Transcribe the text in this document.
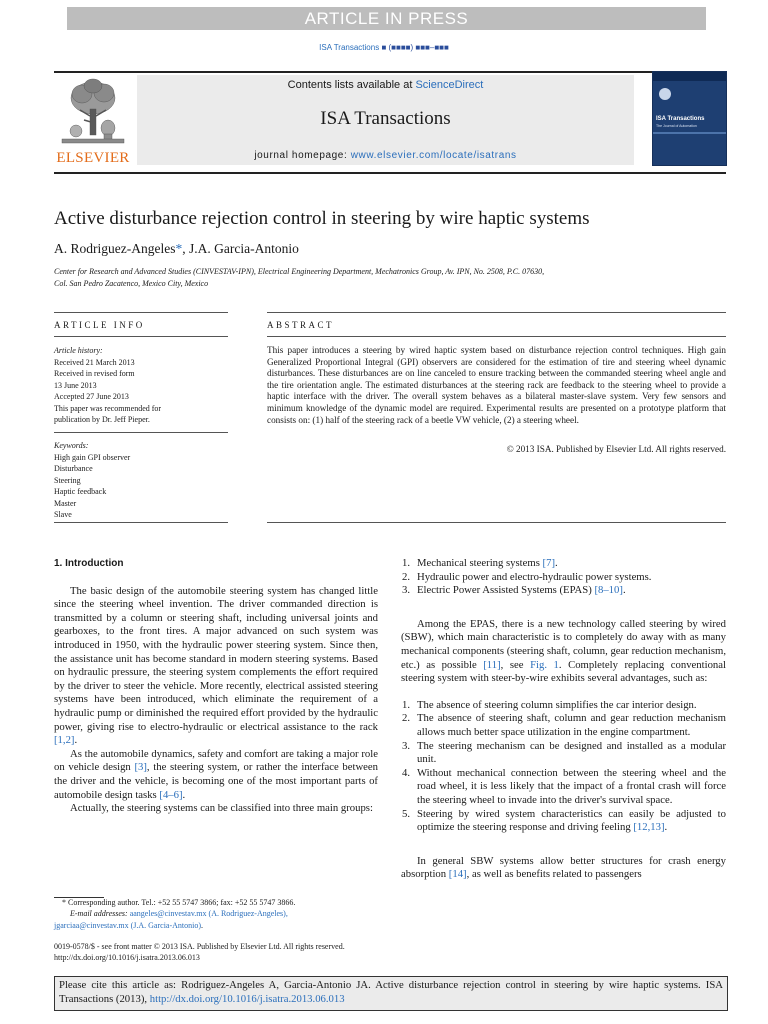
ARTICLE IN PRESS
ISA Transactions ■ (■■■■) ■■■–■■■
ELSEVIER
Contents lists available at ScienceDirect
ISA Transactions
journal homepage: www.elsevier.com/locate/isatrans
ISA Transactions
The Journal of Automation
Active disturbance rejection control in steering by wire haptic systems
A. Rodriguez-Angeles*, J.A. Garcia-Antonio
Center for Research and Advanced Studies (CINVESTAV-IPN), Electrical Engineering Department, Mechatronics Group, Av. IPN, No. 2508, P.C. 07630,
Col. San Pedro Zacatenco, Mexico City, Mexico
ARTICLE INFO	ABSTRACT
Article history:
Received 21 March 2013
Received in revised form
13 June 2013
Accepted 27 June 2013
This paper was recommended for
publication by Dr. Jeff Pieper.
Keywords:
High gain GPI observer
Disturbance
Steering
Haptic feedback
Master
Slave
This paper introduces a steering by wired haptic system based on disturbance rejection control techniques. High gain Generalized Proportional Integral (GPI) observers are considered for the estimation of tire and steering wheel dynamic disturbances. These disturbances are on line canceled to ensure tracking between the commanded steering wheel angle and the tire orientation angle. The estimated disturbances at the steering rack are feedback to the steering wheel to provide a haptic interface with the driver. The overall system behaves as a bilateral master-slave system. Very few sensors and minimum knowledge of the dynamic model are required. Experimental results are presented on a prototype platform that consists on: (1) half of the steering rack of a beetle VW vehicle, (2) a steering wheel.
© 2013 ISA. Published by Elsevier Ltd. All rights reserved.
1. Introduction

The basic design of the automobile steering system has changed little since the steering wheel invention. The driver commanded direction is transmitted by a column or steering shaft, including universal joints and gearboxes, to the front tires. A major advanced on such system was introduced in 1950, with the hydraulic power steering system. Since then, the assistance unit has become standard in modern steering systems. Based on hydraulic pressure, the steering system complements the effort required by the driver to steer the vehicle. More recently, electrical assisted steering systems have been introduced, which eliminate the requirement of a hydraulic pump or diminished the required effort provided by the hydraulic power, giving rise to electro-hydraulic or electrical assistance to the rack [1,2].

As the automobile dynamics, safety and comfort are taking a major role on vehicle design [3], the steering system, or rather the interface between the driver and the vehicle, is becoming one of the most important parts of automobile design tasks [4–6].

Actually, the steering systems can be classified into three main groups:

1. Mechanical steering systems [7].
2. Hydraulic power and electro-hydraulic power systems.
3. Electric Power Assisted Systems (EPAS) [8–10].

Among the EPAS, there is a new technology called steering by wired (SBW), which main characteristic is to completely do away with as many mechanical components (steering shaft, column, gear reduction mechanism, etc.) as possible [11], see Fig. 1. Completely replacing conventional steering system with steer-by-wire exhibits several advantages, such as:

1. The absence of steering column simplifies the car interior design.
2. The absence of steering shaft, column and gear reduction mechanism allows much better space utilization in the engine compartment.
3. The steering mechanism can be designed and installed as a modular unit.
4. Without mechanical connection between the steering wheel and the road wheel, it is less likely that the impact of a frontal crash will force the steering wheel to invade into the driver's survival space.
5. Steering by wired system characteristics can easily be adjusted to optimize the steering response and driving feeling [12,13].

In general SBW systems allow better structures for crash energy absorption [14], as well as benefits related to passengers

* Corresponding author. Tel.: +52 55 5747 3866; fax: +52 55 5747 3866.
E-mail addresses: aangeles@cinvestav.mx (A. Rodriguez-Angeles),
jgarciaa@cinvestav.mx (J.A. Garcia-Antonio).
0019-0578/$ - see front matter © 2013 ISA. Published by Elsevier Ltd. All rights reserved.
http://dx.doi.org/10.1016/j.isatra.2013.06.013
Please cite this article as: Rodriguez-Angeles A, Garcia-Antonio JA. Active disturbance rejection control in steering by wire haptic systems. ISA Transactions (2013), http://dx.doi.org/10.1016/j.isatra.2013.06.013
